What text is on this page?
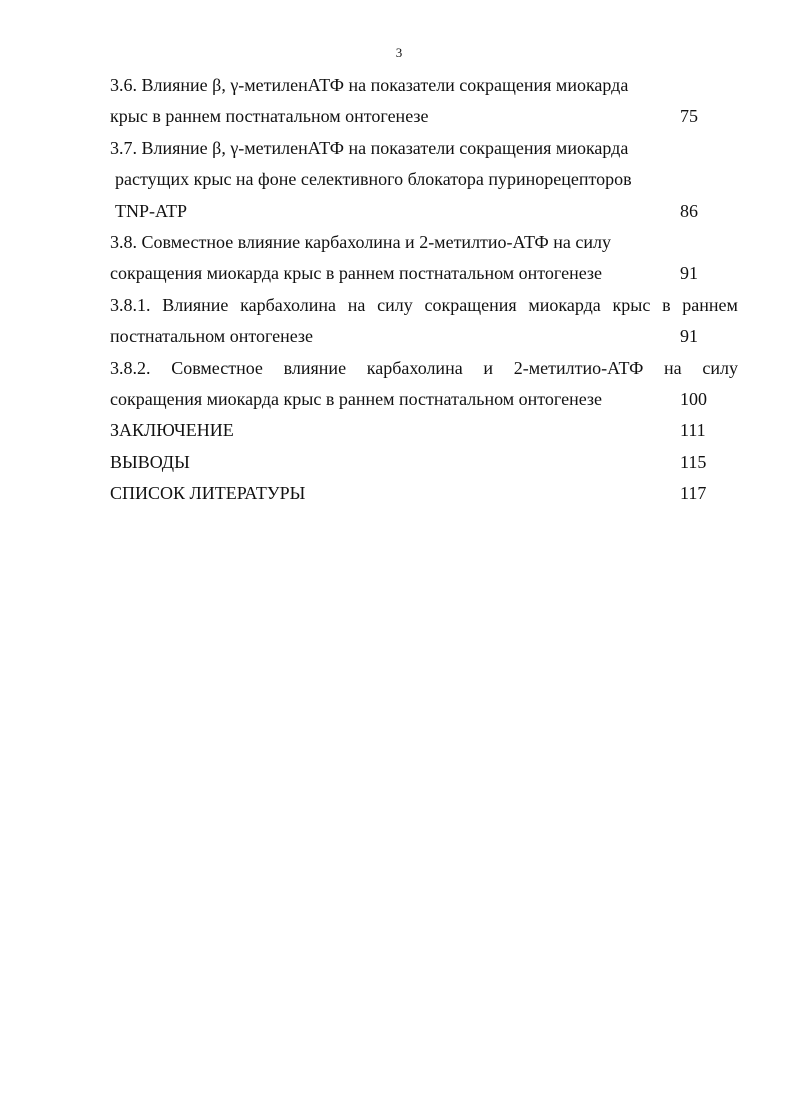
3
3.6. Влияние β, γ-метиленАТФ на показатели сокращения миокарда
крыс в раннем постнатальном онтогенезе	75
3.7. Влияние β, γ-метиленАТФ на показатели сокращения миокарда
растущих крыс на фоне селективного блокатора пуринорецепторов
TNP-ATP	86
3.8. Совместное влияние карбахолина и 2-метилтио-АТФ на силу
сокращения миокарда крыс в раннем постнатальном онтогенезе	91
3.8.1. Влияние карбахолина на силу сокращения миокарда крыс в раннем
постнатальном онтогенезе	91
3.8.2. Совместное влияние карбахолина и 2-метилтио-АТФ на силу
сокращения миокарда крыс в раннем постнатальном онтогенезе	100
ЗАКЛЮЧЕНИЕ	111
ВЫВОДЫ	115
СПИСОК ЛИТЕРАТУРЫ	117
